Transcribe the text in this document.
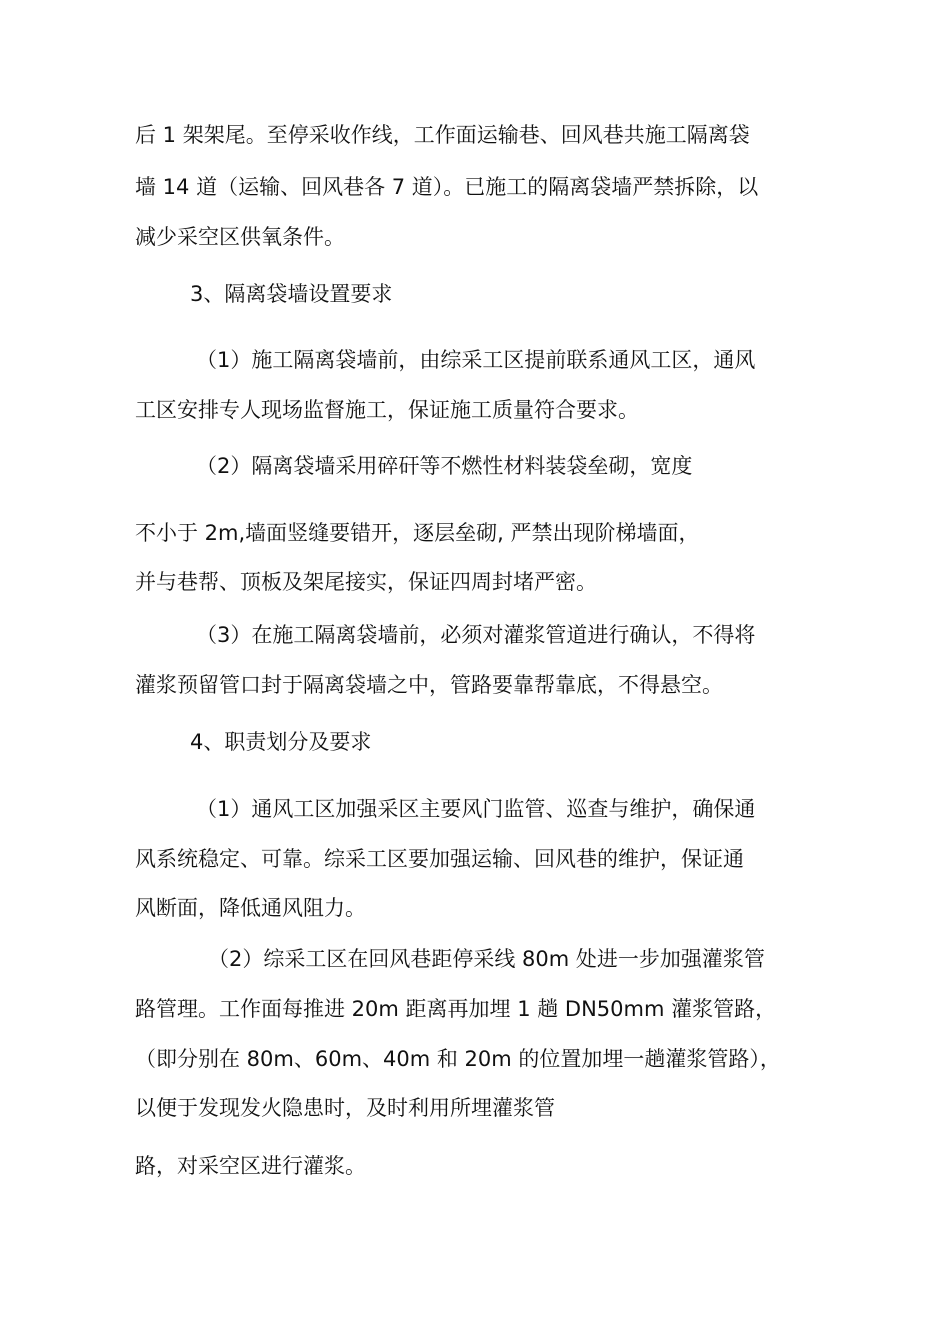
后 1 架架尾。至停采收作线，工作面运输巷、回风巷共施工隔离袋
墙 14 道（运输、回风巷各 7 道）。已施工的隔离袋墙严禁拆除，以
减少采空区供氧条件。
3、隔离袋墙设置要求
（1）施工隔离袋墙前，由综采工区提前联系通风工区，通风
工区安排专人现场监督施工，保证施工质量符合要求。
（2）隔离袋墙采用碎矸等不燃性材料装袋垒砌，宽度
不小于 2m,墙面竖缝要错开，逐层垒砌, 严禁出现阶梯墙面，
并与巷帮、顶板及架尾接实，保证四周封堵严密。
（3）在施工隔离袋墙前，必须对灌浆管道进行确认，不得将
灌浆预留管口封于隔离袋墙之中，管路要靠帮靠底，不得悬空。
4、职责划分及要求
（1）通风工区加强采区主要风门监管、巡查与维护，确保通
风系统稳定、可靠。综采工区要加强运输、回风巷的维护，保证通
风断面，降低通风阻力。
（2）综采工区在回风巷距停采线 80m 处进一步加强灌浆管
路管理。工作面每推进 20m 距离再加埋 1 趟 DN50mm 灌浆管路，
（即分别在 80m、60m、40m 和 20m 的位置加埋一趟灌浆管路），
以便于发现发火隐患时，及时利用所埋灌浆管
路，对采空区进行灌浆。
